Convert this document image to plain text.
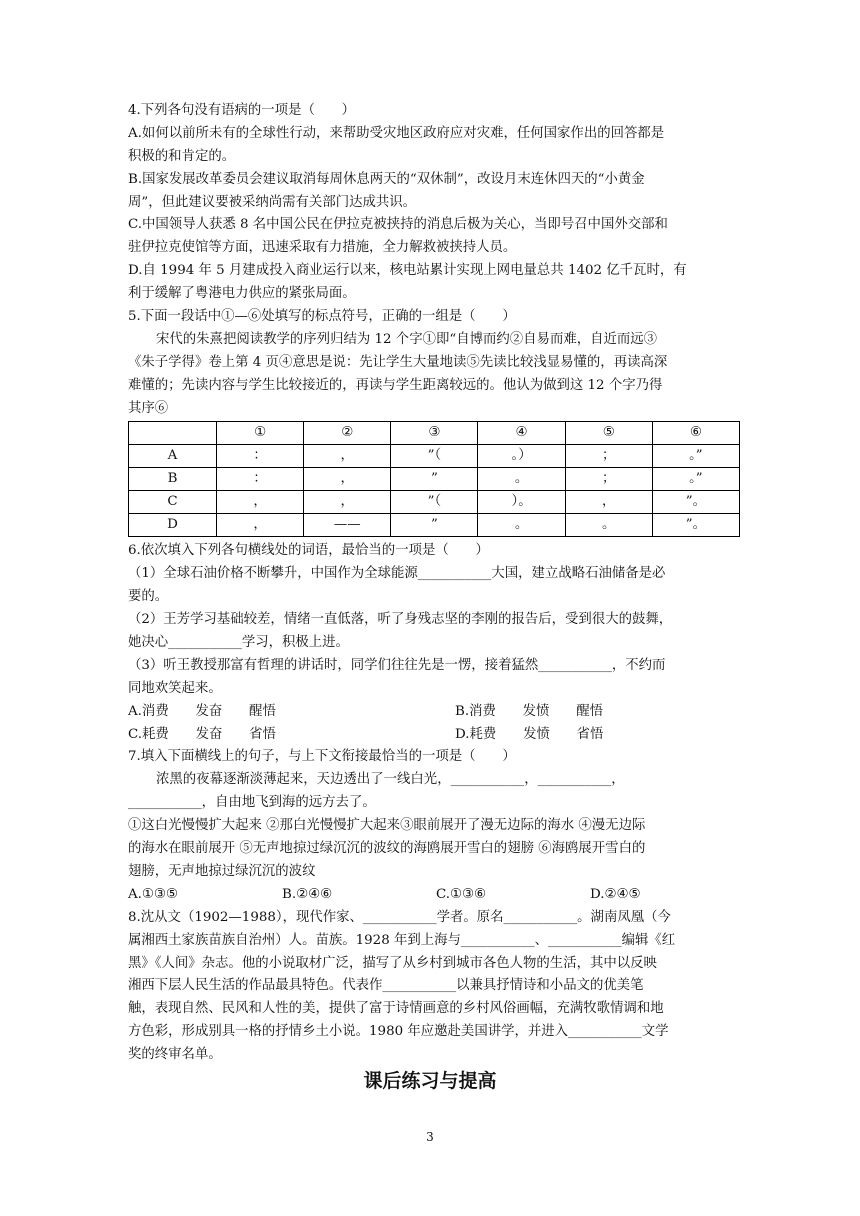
4.下列各句没有语病的一项是（　　）
A.如何以前所未有的全球性行动，来帮助受灾地区政府应对灾难，任何国家作出的回答都是
积极的和肯定的。
B.国家发展改革委员会建议取消每周休息两天的“双休制”，改设月末连休四天的“小黄金
周”，但此建议要被采纳尚需有关部门达成共识。
C.中国领导人获悉 8 名中国公民在伊拉克被挟持的消息后极为关心，当即号召中国外交部和
驻伊拉克使馆等方面，迅速采取有力措施，全力解救被挟持人员。
D.自 1994 年 5 月建成投入商业运行以来，核电站累计实现上网电量总共 1402 亿千瓦时，有
利于缓解了粤港电力供应的紧张局面。
5.下面一段话中①—⑥处填写的标点符号，正确的一组是（　　）
宋代的朱熹把阅读教学的序列归结为 12 个字①即“自博而约②自易而难，自近而远③
《朱子学得》卷上第 4 页④意思是说：先让学生大量地读⑤先读比较浅显易懂的，再读高深
难懂的；先读内容与学生比较接近的，再读与学生距离较远的。他认为做到这 12 个字乃得
其序⑥
	①	②	③	④	⑤	⑥
A	：	，	”（	。）	；	。”
B	：	，	”	。	；	。”
C	，	，	”（	）。	，	”。
D	，	——	”	。	。	”。
6.依次填入下列各句横线处的词语，最恰当的一项是（　　）
（1）全球石油价格不断攀升，中国作为全球能源___________大国，建立战略石油储备是必
要的。
（2）王芳学习基础较差，情绪一直低落，听了身残志坚的李刚的报告后，受到很大的鼓舞，
她决心___________学习，积极上进。
（3）听王教授那富有哲理的讲话时，同学们往往先是一愣，接着猛然___________，不约而
同地欢笑起来。
A.消费　　发奋　　醒悟	B.消费　　发愤　　醒悟
C.耗费　　发奋　　省悟	D.耗费　　发愤　　省悟
7.填入下面横线上的句子，与上下文衔接最恰当的一项是（　　）
浓黑的夜幕逐渐淡薄起来，天边透出了一线白光，___________，___________，
___________，自由地飞到海的远方去了。
①这白光慢慢扩大起来 ②那白光慢慢扩大起来③眼前展开了漫无边际的海水 ④漫无边际
的海水在眼前展开 ⑤无声地掠过绿沉沉的波纹的海鸥展开雪白的翅膀 ⑥海鸥展开雪白的
翅膀，无声地掠过绿沉沉的波纹
A.①③⑤	B.②④⑥	C.①③⑥	D.②④⑤
8.沈从文（1902—1988），现代作家、___________学者。原名___________。湖南凤凰（今
属湘西土家族苗族自治州）人。苗族。1928 年到上海与___________、___________编辑《红
黑》《人间》杂志。他的小说取材广泛，描写了从乡村到城市各色人物的生活，其中以反映
湘西下层人民生活的作品最具特色。代表作___________以兼具抒情诗和小品文的优美笔
触，表现自然、民风和人性的美，提供了富于诗情画意的乡村风俗画幅，充满牧歌情调和地
方色彩，形成别具一格的抒情乡土小说。1980 年应邀赴美国讲学，并进入___________文学
奖的终审名单。
课后练习与提高
3
